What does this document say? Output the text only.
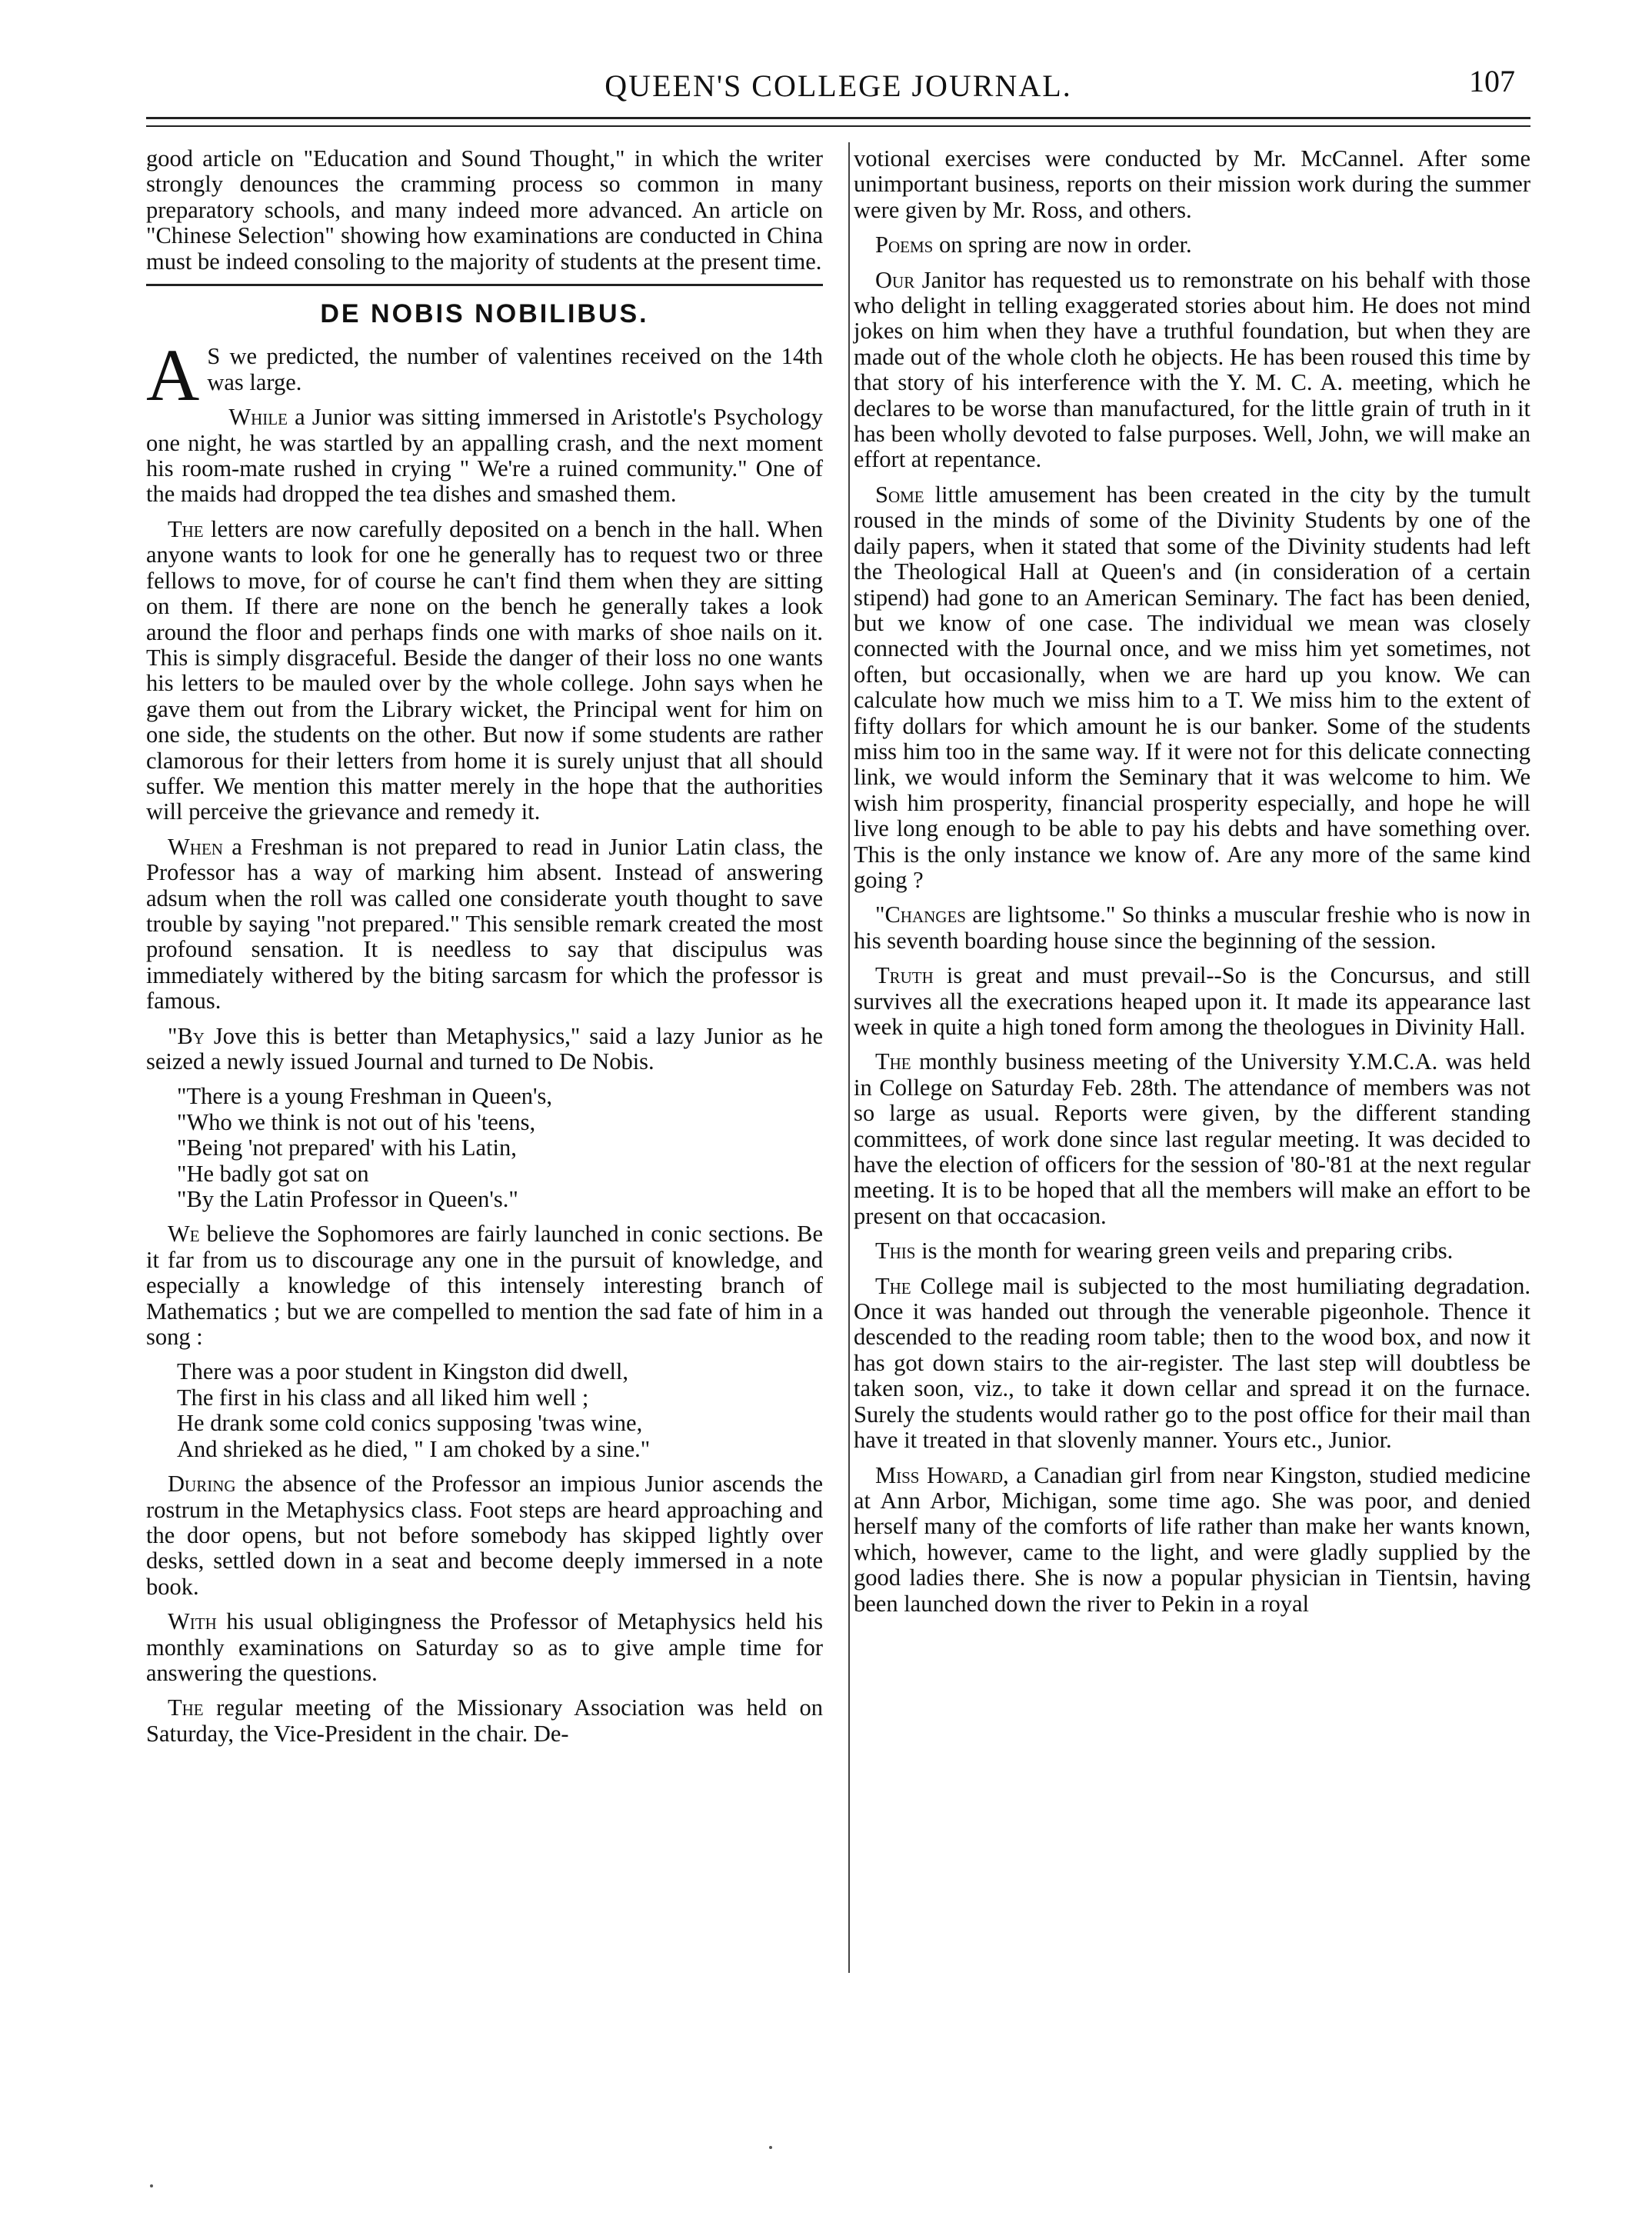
QUEEN'S COLLEGE JOURNAL.	107

good article on "Education and Sound Thought," in which the writer strongly denounces the cramming process so common in many preparatory schools, and many indeed more advanced. An article on "Chinese Selection" showing how examinations are conducted in China must be indeed consoling to the majority of students at the present time.

DE NOBIS NOBILIBUS.

A S we predicted, the number of valentines received on the 14th was large.

While a Junior was sitting immersed in Aristotle's Psychology one night, he was startled by an appalling crash, and the next moment his room-mate rushed in crying " We're a ruined community." One of the maids had dropped the tea dishes and smashed them.

The letters are now carefully deposited on a bench in the hall. When anyone wants to look for one he generally has to request two or three fellows to move, for of course he can't find them when they are sitting on them. If there are none on the bench he generally takes a look around the floor and perhaps finds one with marks of shoe nails on it. This is simply disgraceful. Beside the danger of their loss no one wants his letters to be mauled over by the whole college. John says when he gave them out from the Library wicket, the Principal went for him on one side, the students on the other. But now if some students are rather clamorous for their letters from home it is surely unjust that all should suffer. We mention this matter merely in the hope that the authorities will perceive the grievance and remedy it.

When a Freshman is not prepared to read in Junior Latin class, the Professor has a way of marking him absent. Instead of answering adsum when the roll was called one considerate youth thought to save trouble by saying "not prepared." This sensible remark created the most profound sensation. It is needless to say that discipulus was immediately withered by the biting sarcasm for which the professor is famous.

"By Jove this is better than Metaphysics," said a lazy Junior as he seized a newly issued Journal and turned to De Nobis.

"There is a young Freshman in Queen's,
"Who we think is not out of his 'teens,
"Being 'not prepared' with his Latin,
"He badly got sat on
"By the Latin Professor in Queen's."

We believe the Sophomores are fairly launched in conic sections. Be it far from us to discourage any one in the pursuit of knowledge, and especially a knowledge of this intensely interesting branch of Mathematics ; but we are compelled to mention the sad fate of him in a song :

There was a poor student in Kingston did dwell,
The first in his class and all liked him well ;
He drank some cold conics supposing 'twas wine,
And shrieked as he died, " I am choked by a sine."

During the absence of the Professor an impious Junior ascends the rostrum in the Metaphysics class. Foot steps are heard approaching and the door opens, but not before somebody has skipped lightly over desks, settled down in a seat and become deeply immersed in a note book.

With his usual obligingness the Professor of Metaphysics held his monthly examinations on Saturday so as to give ample time for answering the questions.

The regular meeting of the Missionary Association was held on Saturday, the Vice-President in the chair. De-

votional exercises were conducted by Mr. McCannel. After some unimportant business, reports on their mission work during the summer were given by Mr. Ross, and others.

Poems on spring are now in order.

Our Janitor has requested us to remonstrate on his behalf with those who delight in telling exaggerated stories about him. He does not mind jokes on him when they have a truthful foundation, but when they are made out of the whole cloth he objects. He has been roused this time by that story of his interference with the Y. M. C. A. meeting, which he declares to be worse than manufactured, for the little grain of truth in it has been wholly devoted to false purposes. Well, John, we will make an effort at repentance.

Some little amusement has been created in the city by the tumult roused in the minds of some of the Divinity Students by one of the daily papers, when it stated that some of the Divinity students had left the Theological Hall at Queen's and (in consideration of a certain stipend) had gone to an American Seminary. The fact has been denied, but we know of one case. The individual we mean was closely connected with the Journal once, and we miss him yet sometimes, not often, but occasionally, when we are hard up you know. We can calculate how much we miss him to a T. We miss him to the extent of fifty dollars for which amount he is our banker. Some of the students miss him too in the same way. If it were not for this delicate connecting link, we would inform the Seminary that it was welcome to him. We wish him prosperity, financial prosperity especially, and hope he will live long enough to be able to pay his debts and have something over. This is the only instance we know of. Are any more of the same kind going ?

"Changes are lightsome." So thinks a muscular freshie who is now in his seventh boarding house since the beginning of the session.

Truth is great and must prevail--So is the Concursus, and still survives all the execrations heaped upon it. It made its appearance last week in quite a high toned form among the theologues in Divinity Hall.

The monthly business meeting of the University Y.M.C.A. was held in College on Saturday Feb. 28th. The attendance of members was not so large as usual. Reports were given, by the different standing committees, of work done since last regular meeting. It was decided to have the election of officers for the session of '80-'81 at the next regular meeting. It is to be hoped that all the members will make an effort to be present on that occacasion.

This is the month for wearing green veils and preparing cribs.

The College mail is subjected to the most humiliating degradation. Once it was handed out through the venerable pigeonhole. Thence it descended to the reading room table; then to the wood box, and now it has got down stairs to the air-register. The last step will doubtless be taken soon, viz., to take it down cellar and spread it on the furnace. Surely the students would rather go to the post office for their mail than have it treated in that slovenly manner. Yours etc., Junior.

Miss Howard, a Canadian girl from near Kingston, studied medicine at Ann Arbor, Michigan, some time ago. She was poor, and denied herself many of the comforts of life rather than make her wants known, which, however, came to the light, and were gladly supplied by the good ladies there. She is now a popular physician in Tientsin, having been launched down the river to Pekin in a royal
